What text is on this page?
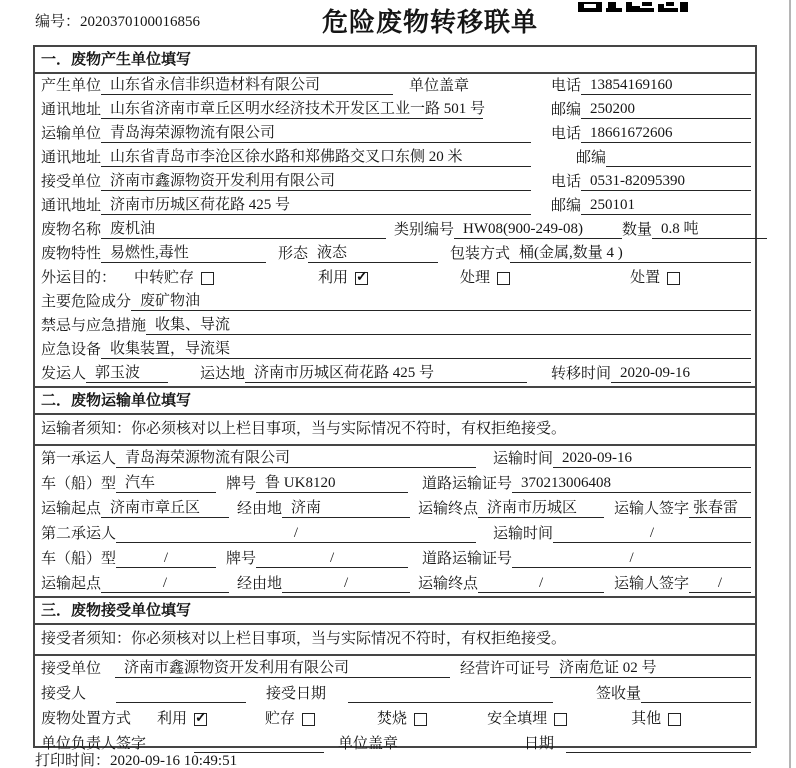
编号：2020370100016856	危险废物转移联单
一．废物产生单位填写
产生单位 山东省永信非织造材料有限公司	单位盖章	电话 13854169160
通讯地址 山东省济南市章丘区明水经济技术开发区工业一路 501 号	邮编 250200
运输单位 青岛海荣源物流有限公司	电话 18661672606
通讯地址 山东省青岛市李沧区徐水路和郑佛路交叉口东侧 20 米	邮编
接受单位 济南市鑫源物资开发利用有限公司	电话 0531-82095390
通讯地址 济南市历城区荷花路 425 号	邮编 250101
废物名称 废机油	类别编号 HW08(900-249-08)	数量 0.8 吨
废物特性 易燃性,毒性	形态 液态	包装方式 桶(金属,数量 4 )
外运目的： 中转贮存	利用 ✓	处理	处置
主要危险成分 废矿物油
禁忌与应急措施 收集、导流
应急设备 收集装置，导流渠
发运人 郭玉波	运达地 济南市历城区荷花路 425 号	转移时间 2020-09-16
二．废物运输单位填写
运输者须知：你必须核对以上栏目事项，当与实际情况不符时，有权拒绝接受。
第一承运人 青岛海荣源物流有限公司	运输时间 2020-09-16
车（船）型 汽车	牌号 鲁 UK8120	道路运输证号 370213006408
运输起点 济南市章丘区	经由地 济南	运输终点 济南市历城区	运输人签字 张春雷
第二承运人	/	运输时间	/
车（船）型	/	牌号	/	道路运输证号	/
运输起点	/	经由地	/	运输终点	/	运输人签字	/
三．废物接受单位填写
接受者须知：你必须核对以上栏目事项，当与实际情况不符时，有权拒绝接受。
接受单位	济南市鑫源物资开发利用有限公司	经营许可证号 济南危证 02 号
接受人	接受日期	签收量
废物处置方式 利用 ✓	贮存	焚烧	安全填埋	其他
单位负责人签字	单位盖章	日期
打印时间：2020-09-16 10:49:51
